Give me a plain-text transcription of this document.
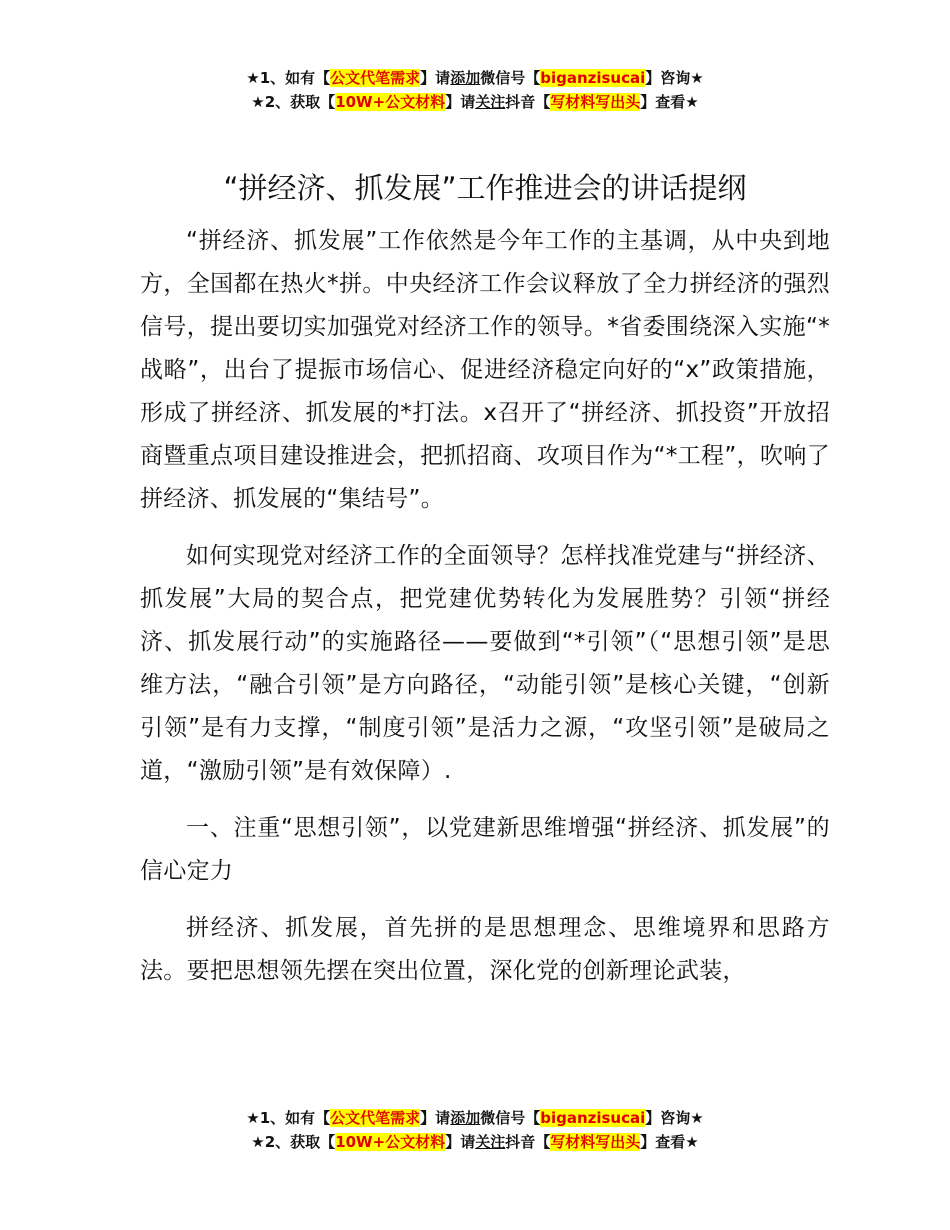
★1、如有【公文代笔需求】请添加微信号【biganzisucai】咨询★
★2、获取【10W+公文材料】请关注抖音【写材料写出头】查看★
“拼经济、抓发展”工作推进会的讲话提纲

“拼经济、抓发展”工作依然是今年工作的主基调，从中央到地方，全国都在热火*拼。中央经济工作会议释放了全力拼经济的强烈信号，提出要切实加强党对经济工作的领导。*省委围绕深入实施“*战略”，出台了提振市场信心、促进经济稳定向好的“x”政策措施，形成了拼经济、抓发展的*打法。x召开了“拼经济、抓投资”开放招商暨重点项目建设推进会，把抓招商、攻项目作为“*工程”，吹响了拼经济、抓发展的“集结号”。

如何实现党对经济工作的全面领导？怎样找准党建与“拼经济、抓发展”大局的契合点，把党建优势转化为发展胜势？引领“拼经济、抓发展行动”的实施路径——要做到“*引领”（“思想引领”是思维方法，“融合引领”是方向路径，“动能引领”是核心关键，“创新引领”是有力支撑，“制度引领”是活力之源，“攻坚引领”是破局之道，“激励引领”是有效保障）.

一、注重“思想引领”，以党建新思维增强“拼经济、抓发展”的信心定力

拼经济、抓发展，首先拼的是思想理念、思维境界和思路方法。要把思想领先摆在突出位置，深化党的创新理论武装，

★1、如有【公文代笔需求】请添加微信号【biganzisucai】咨询★
★2、获取【10W+公文材料】请关注抖音【写材料写出头】查看★
